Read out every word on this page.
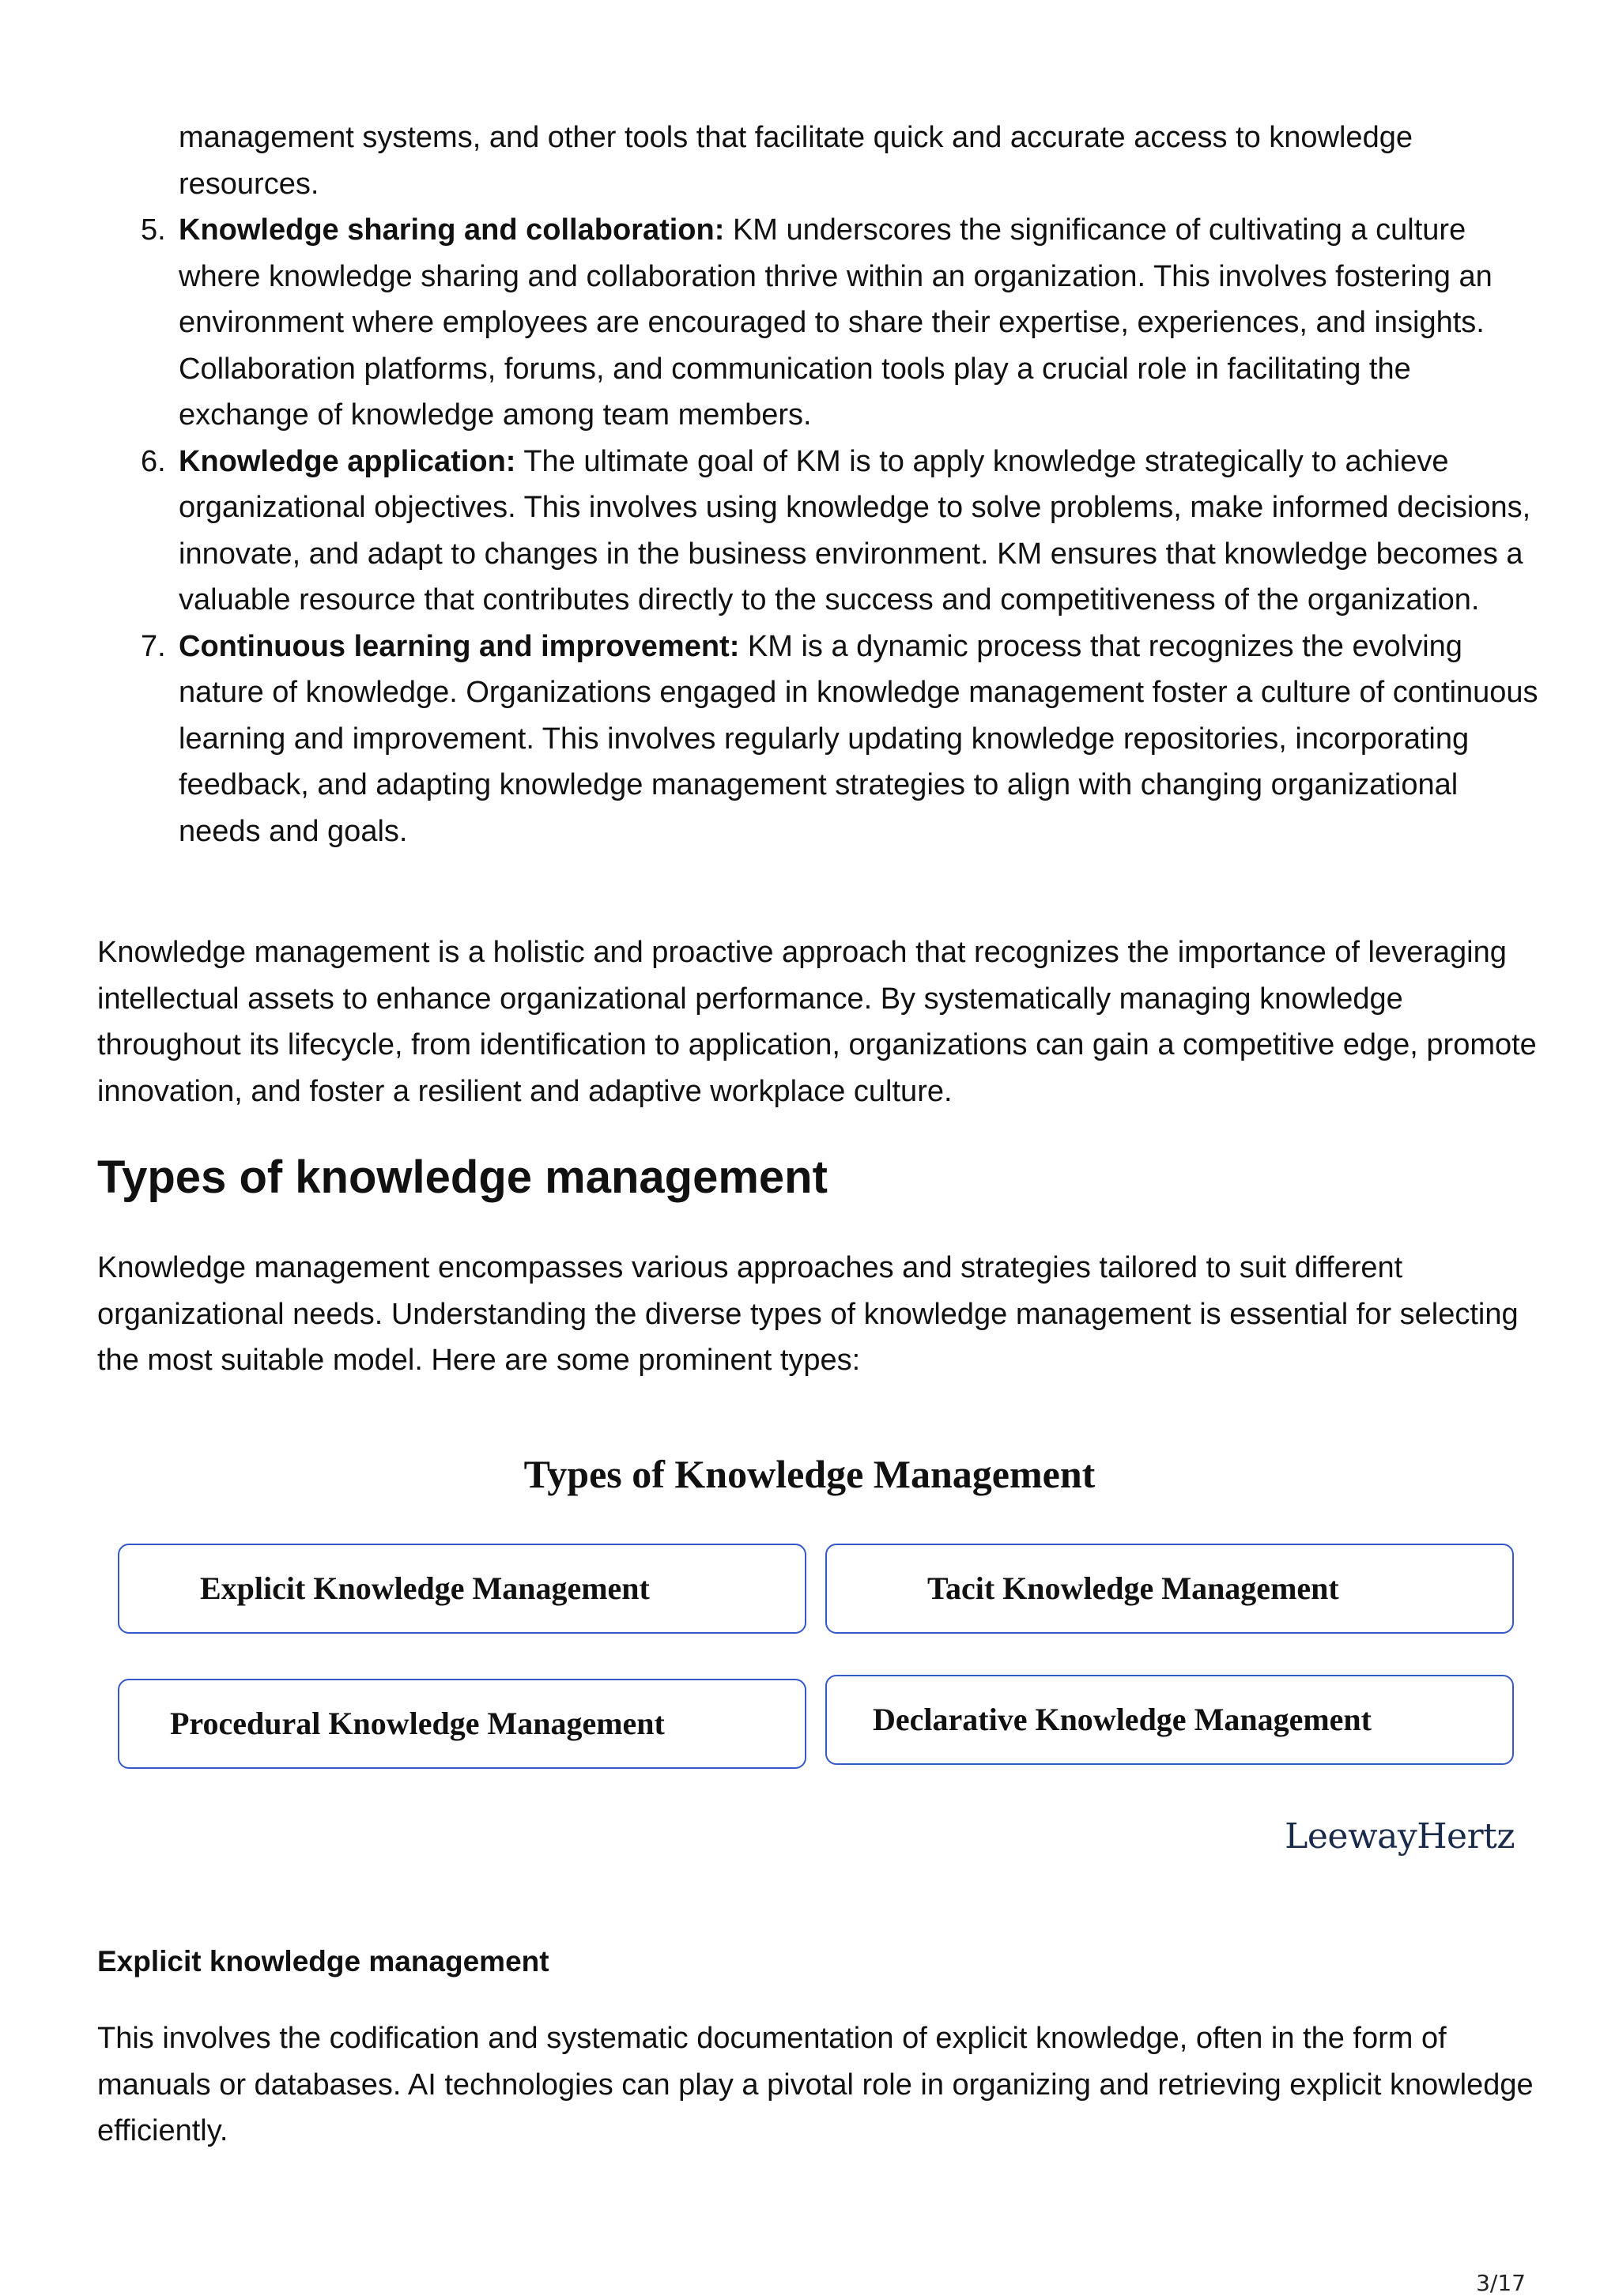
management systems, and other tools that facilitate quick and accurate access to knowledge resources.

5. Knowledge sharing and collaboration: KM underscores the significance of cultivating a culture where knowledge sharing and collaboration thrive within an organization. This involves fostering an environment where employees are encouraged to share their expertise, experiences, and insights. Collaboration platforms, forums, and communication tools play a crucial role in facilitating the exchange of knowledge among team members.
6. Knowledge application: The ultimate goal of KM is to apply knowledge strategically to achieve organizational objectives. This involves using knowledge to solve problems, make informed decisions, innovate, and adapt to changes in the business environment. KM ensures that knowledge becomes a valuable resource that contributes directly to the success and competitiveness of the organization.
7. Continuous learning and improvement: KM is a dynamic process that recognizes the evolving nature of knowledge. Organizations engaged in knowledge management foster a culture of continuous learning and improvement. This involves regularly updating knowledge repositories, incorporating feedback, and adapting knowledge management strategies to align with changing organizational needs and goals.

Knowledge management is a holistic and proactive approach that recognizes the importance of leveraging intellectual assets to enhance organizational performance. By systematically managing knowledge throughout its lifecycle, from identification to application, organizations can gain a competitive edge, promote innovation, and foster a resilient and adaptive workplace culture.

Types of knowledge management

Knowledge management encompasses various approaches and strategies tailored to suit different organizational needs. Understanding the diverse types of knowledge management is essential for selecting the most suitable model. Here are some prominent types:

Types of Knowledge Management
Explicit Knowledge Management	Tacit Knowledge Management
Procedural Knowledge Management	Declarative Knowledge Management
LeewayHertz
Explicit knowledge management

This involves the codification and systematic documentation of explicit knowledge, often in the form of manuals or databases. AI technologies can play a pivotal role in organizing and retrieving explicit knowledge efficiently.

3/17
